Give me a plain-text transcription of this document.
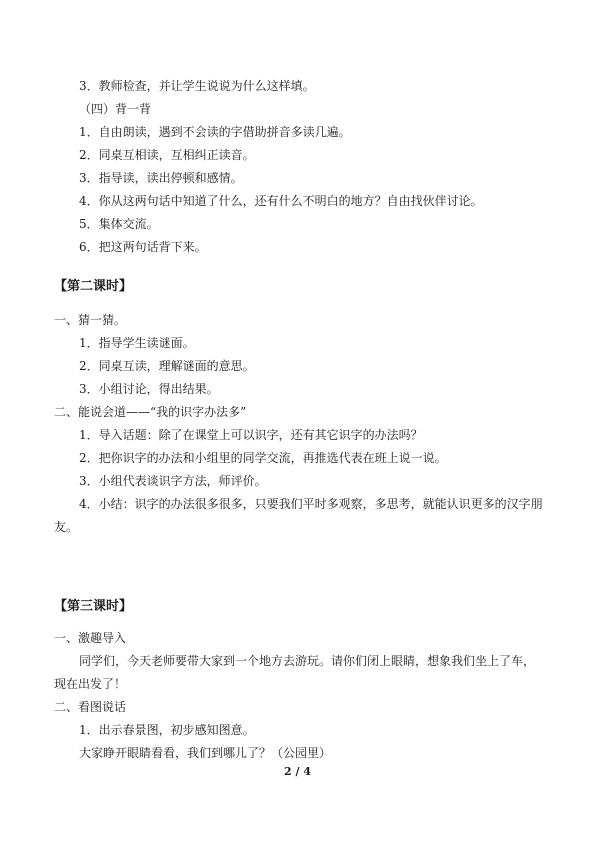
3．教师检查，并让学生说说为什么这样填。
（四）背一背
1．自由朗读，遇到不会读的字借助拼音多读几遍。
2．同桌互相读，互相纠正读音。
3．指导读，读出停顿和感情。
4．你从这两句话中知道了什么，还有什么不明白的地方？自由找伙伴讨论。
5．集体交流。
6．把这两句话背下来。
【第二课时】
一、猜一猜。
1．指导学生读谜面。
2．同桌互读，理解谜面的意思。
3．小组讨论，得出结果。
二、能说会道——“我的识字办法多”
1．导入话题：除了在课堂上可以识字，还有其它识字的办法吗？
2．把你识字的办法和小组里的同学交流，再推选代表在班上说一说。
3．小组代表谈识字方法，师评价。
4．小结：识字的办法很多很多，只要我们平时多观察，多思考，就能认识更多的汉字朋
友。
【第三课时】
一、激趣导入
同学们，今天老师要带大家到一个地方去游玩。请你们闭上眼睛，想象我们坐上了车，
现在出发了！
二、看图说话
1．出示春景图，初步感知图意。
大家睁开眼睛看看，我们到哪儿了？（公园里）
2 / 4
